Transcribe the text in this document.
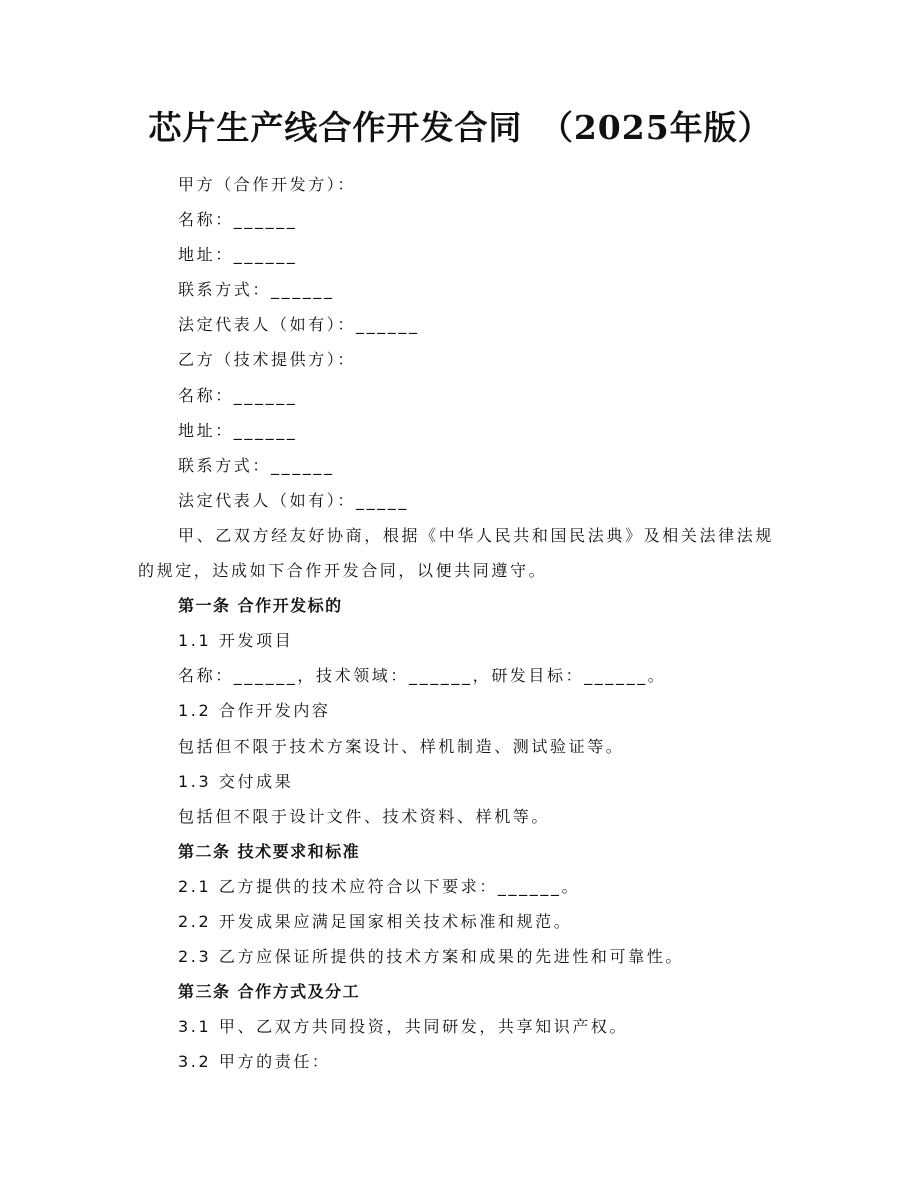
芯片生产线合作开发合同　（2025年版）

甲方（合作开发方）：

名称：______

地址：______

联系方式：______

法定代表人（如有）：______

乙方（技术提供方）：

名称：______

地址：______

联系方式：______

法定代表人（如有）：_____

甲、乙双方经友好协商，根据《中华人民共和国民法典》及相关法律法规的规定，达成如下合作开发合同，以便共同遵守。

第一条 合作开发标的

1.1 开发项目

名称：______，技术领域：______，研发目标：______。

1.2 合作开发内容

包括但不限于技术方案设计、样机制造、测试验证等。

1.3 交付成果

包括但不限于设计文件、技术资料、样机等。

第二条 技术要求和标准

2.1 乙方提供的技术应符合以下要求：______。

2.2 开发成果应满足国家相关技术标准和规范。

2.3 乙方应保证所提供的技术方案和成果的先进性和可靠性。

第三条 合作方式及分工

3.1 甲、乙双方共同投资，共同研发，共享知识产权。

3.2 甲方的责任：
